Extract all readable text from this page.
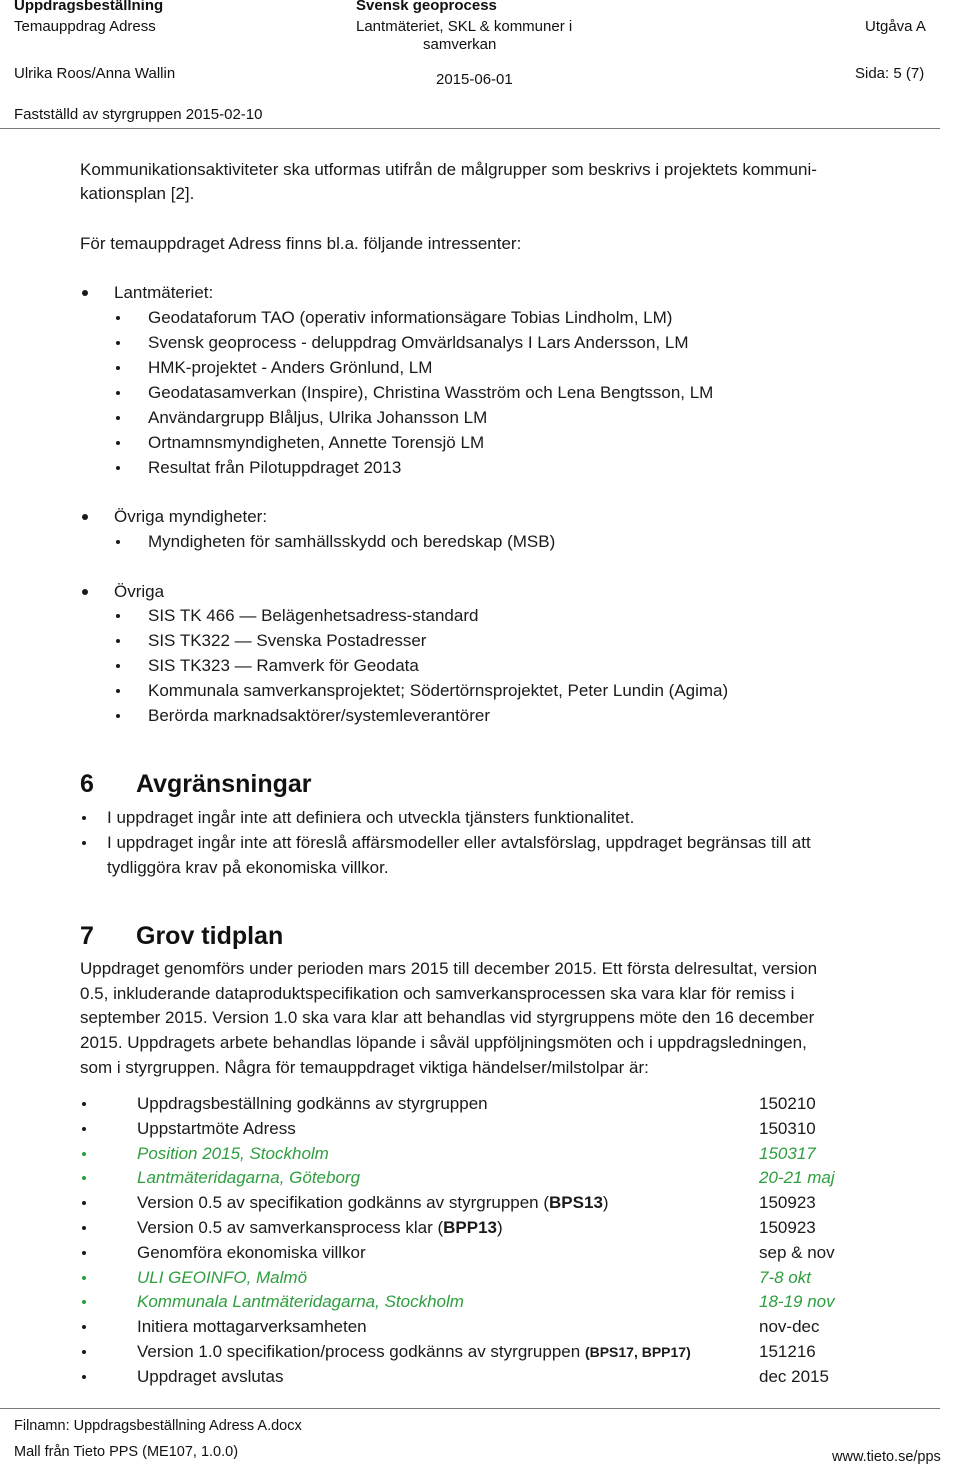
Uppdragsbeställning
Temauppdrag Adress
Svensk geoprocess
Lantmäteriet, SKL & kommuner i
samverkan
Utgåva A
Ulrika Roos/Anna Wallin	2015-06-01	Sida: 5 (7)
Fastställd av styrgruppen 2015-02-10
Kommunikationsaktiviteter ska utformas utifrån de målgrupper som beskrivs i projektets kommuni-
kationsplan [2].
För temauppdraget Adress finns bl.a. följande intressenter:
Lantmäteriet:
Geodataforum TAO (operativ informationsägare Tobias Lindholm, LM)
Svensk geoprocess - deluppdrag Omvärldsanalys I Lars Andersson, LM
HMK-projektet - Anders Grönlund, LM
Geodatasamverkan (Inspire), Christina Wasström och Lena Bengtsson, LM
Användargrupp Blåljus, Ulrika Johansson LM
Ortnamnsmyndigheten, Annette Torensjö LM
Resultat från Pilotuppdraget 2013
Övriga myndigheter:
Myndigheten för samhällsskydd och beredskap (MSB)
Övriga
SIS TK 466 — Belägenhetsadress-standard
SIS TK322 — Svenska Postadresser
SIS TK323 — Ramverk för Geodata
Kommunala samverkansprojektet; Södertörnsprojektet, Peter Lundin (Agima)
Berörda marknadsaktörer/systemleverantörer
6 Avgränsningar
I uppdraget ingår inte att definiera och utveckla tjänsters funktionalitet.
I uppdraget ingår inte att föreslå affärsmodeller eller avtalsförslag, uppdraget begränsas till att
tydliggöra krav på ekonomiska villkor.
7 Grov tidplan
Uppdraget genomförs under perioden mars 2015 till december 2015. Ett första delresultat, version
0.5, inkluderande dataproduktspecifikation och samverkansprocessen ska vara klar för remiss i
september 2015. Version 1.0 ska vara klar att behandlas vid styrgruppens möte den 16 december
2015. Uppdragets arbete behandlas löpande i såväl uppföljningsmöten och i uppdragsledningen,
som i styrgruppen. Några för temauppdraget viktiga händelser/milstolpar är:
Uppdragsbeställning godkänns av styrgruppen	150210
Uppstartmöte Adress	150310
Position 2015, Stockholm	150317
Lantmäteridagarna, Göteborg	20-21 maj
Version 0.5 av specifikation godkänns av styrgruppen (BPS13)	150923
Version 0.5 av samverkansprocess klar (BPP13)	150923
Genomföra ekonomiska villkor	sep & nov
ULI GEOINFO, Malmö	7-8 okt
Kommunala Lantmäteridagarna, Stockholm	18-19 nov
Initiera mottagarverksamheten	nov-dec
Version 1.0 specifikation/process godkänns av styrgruppen (BPS17, BPP17)	151216
Uppdraget avslutas	dec 2015
Filnamn: Uppdragsbeställning Adress A.docx
Mall från Tieto PPS (ME107, 1.0.0)	www.tieto.se/pps
